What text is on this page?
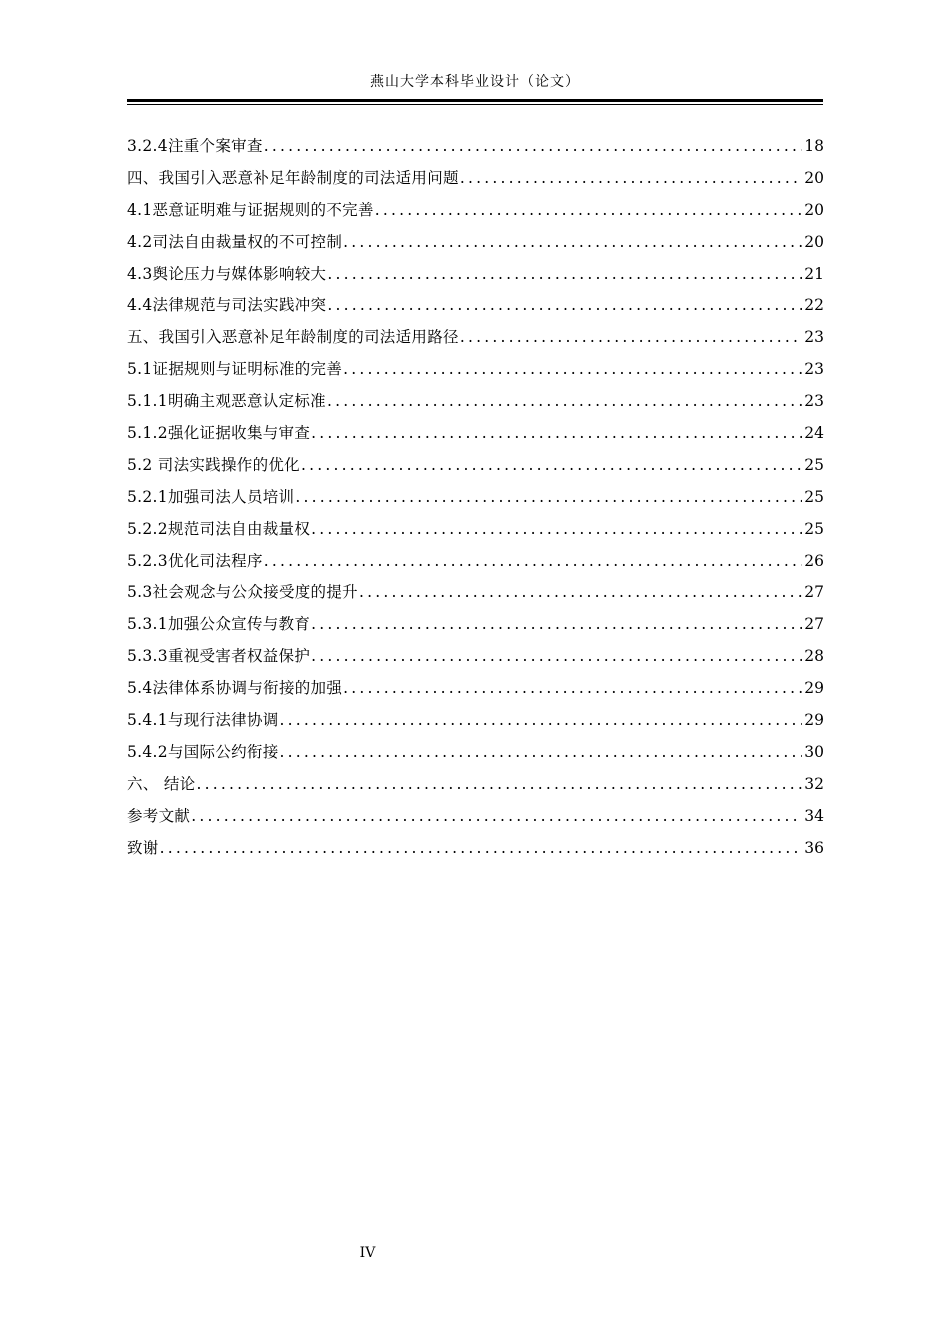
燕山大学本科毕业设计（论文）
3.2.4注重个案审查 .....	18
四、我国引入恶意补足年龄制度的司法适用问题 .....	20
4.1恶意证明难与证据规则的不完善 .....	20
4.2司法自由裁量权的不可控制 .....	20
4.3舆论压力与媒体影响较大 .....	21
4.4法律规范与司法实践冲突 .....	22
五、我国引入恶意补足年龄制度的司法适用路径 .....	23
5.1证据规则与证明标准的完善 .....	23
5.1.1明确主观恶意认定标准 .....	23
5.1.2强化证据收集与审查 .....	24
5.2 司法实践操作的优化 .....	25
5.2.1加强司法人员培训 .....	25
5.2.2规范司法自由裁量权 .....	25
5.2.3优化司法程序 .....	26
5.3社会观念与公众接受度的提升 .....	27
5.3.1加强公众宣传与教育 .....	27
5.3.3重视受害者权益保护 .....	28
5.4法律体系协调与衔接的加强 .....	29
5.4.1与现行法律协调 .....	29
5.4.2与国际公约衔接 .....	30
六、 结论 .....	32
参考文献 .....	34
致谢 .....	36
IV
